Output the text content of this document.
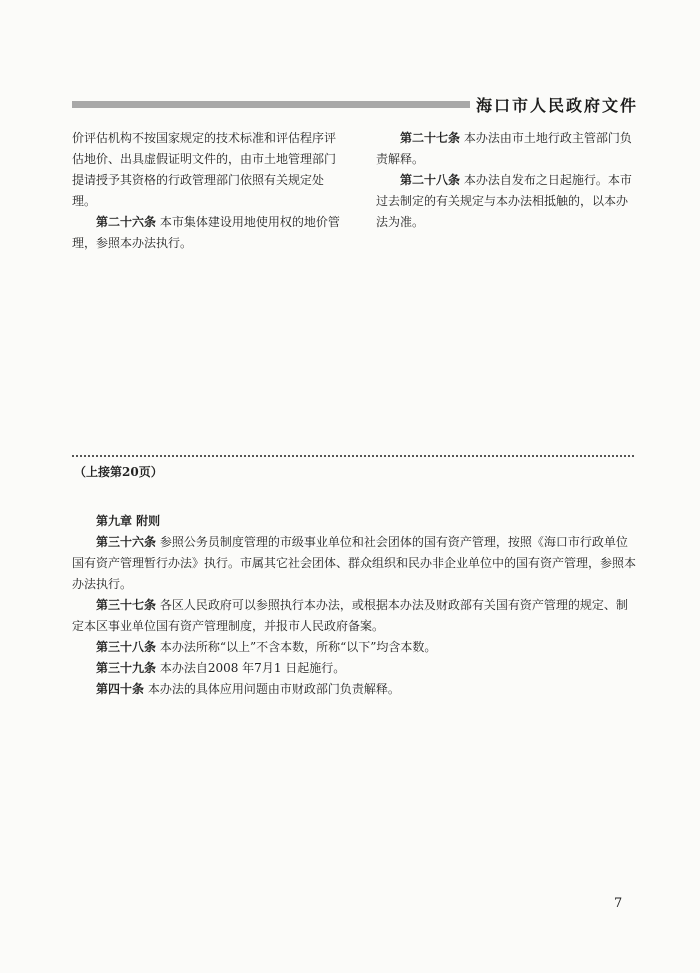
海口市人民政府文件

价评估机构不按国家规定的技术标准和评估程序评估地价、出具虚假证明文件的，由市土地管理部门提请授予其资格的行政管理部门依照有关规定处理。

第二十六条 本市集体建设用地使用权的地价管理，参照本办法执行。

第二十七条 本办法由市土地行政主管部门负责解释。

第二十八条 本办法自发布之日起施行。本市过去制定的有关规定与本办法相抵触的，以本办法为准。

（上接第20页）

第九章 附则

第三十六条 参照公务员制度管理的市级事业单位和社会团体的国有资产管理，按照《海口市行政单位国有资产管理暂行办法》执行。市属其它社会团体、群众组织和民办非企业单位中的国有资产管理，参照本办法执行。

第三十七条 各区人民政府可以参照执行本办法，或根据本办法及财政部有关国有资产管理的规定、制定本区事业单位国有资产管理制度，并报市人民政府备案。

第三十八条 本办法所称“以上”不含本数，所称“以下”均含本数。

第三十九条 本办法自2008 年7月1 日起施行。

第四十条 本办法的具体应用问题由市财政部门负责解释。

7
